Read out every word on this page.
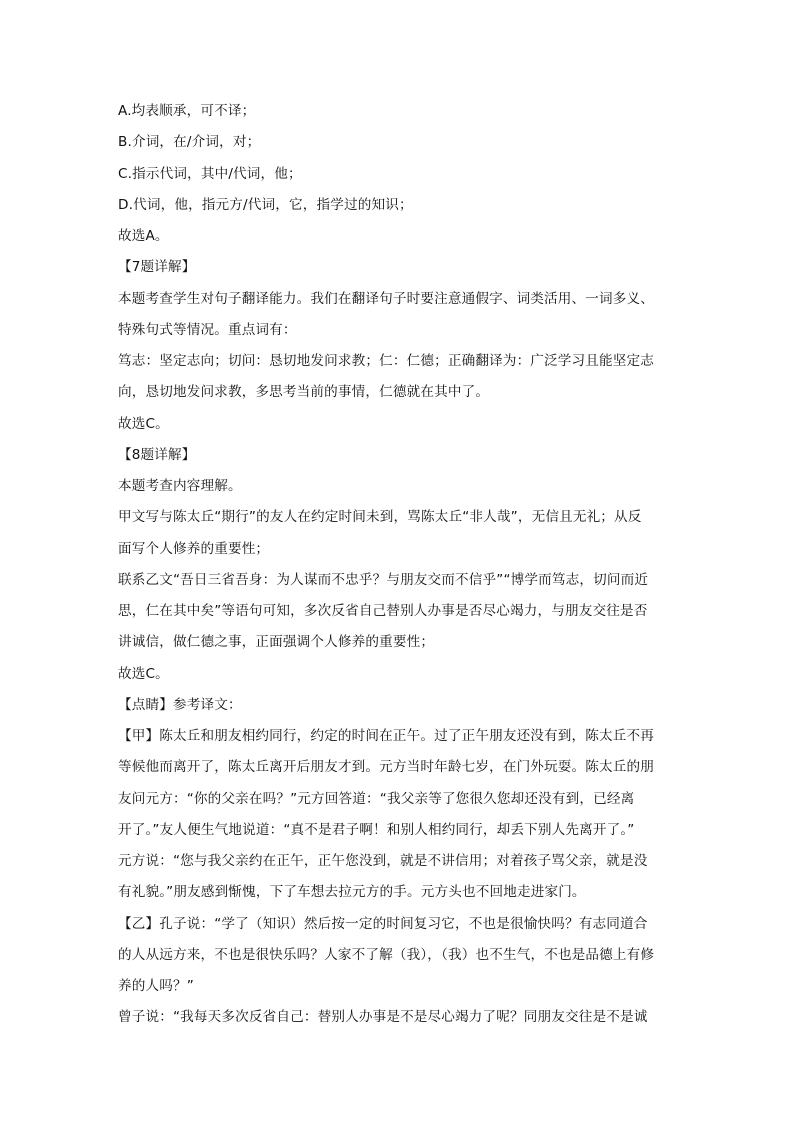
A.均表顺承，可不译；
B.介词，在/介词，对；
C.指示代词，其中/代词，他；
D.代词，他，指元方/代词，它，指学过的知识；
故选A。
【7题详解】
本题考查学生对句子翻译能力。我们在翻译句子时要注意通假字、词类活用、一词多义、
特殊句式等情况。重点词有：
笃志：坚定志向；切问：恳切地发问求教；仁：仁德；正确翻译为：广泛学习且能坚定志
向，恳切地发问求教，多思考当前的事情，仁德就在其中了。
故选C。
【8题详解】
本题考查内容理解。
甲文写与陈太丘“期行”的友人在约定时间未到，骂陈太丘“非人哉”，无信且无礼；从反
面写个人修养的重要性；
联系乙文“吾日三省吾身：为人谋而不忠乎？与朋友交而不信乎”“博学而笃志，切问而近
思，仁在其中矣”等语句可知，多次反省自己替别人办事是否尽心竭力，与朋友交往是否
讲诚信，做仁德之事，正面强调个人修养的重要性；
故选C。
【点睛】参考译文：
【甲】陈太丘和朋友相约同行，约定的时间在正午。过了正午朋友还没有到，陈太丘不再
等候他而离开了，陈太丘离开后朋友才到。元方当时年龄七岁，在门外玩耍。陈太丘的朋
友问元方：“你的父亲在吗？”元方回答道：“我父亲等了您很久您却还没有到，已经离
开了。”友人便生气地说道：“真不是君子啊！和别人相约同行，却丢下别人先离开了。”
元方说：“您与我父亲约在正午，正午您没到，就是不讲信用；对着孩子骂父亲，就是没
有礼貌。”朋友感到惭愧，下了车想去拉元方的手。元方头也不回地走进家门。
【乙】孔子说：“学了（知识）然后按一定的时间复习它，不也是很愉快吗？有志同道合
的人从远方来，不也是很快乐吗？人家不了解（我），（我）也不生气，不也是品德上有修
养的人吗？”
曾子说：“我每天多次反省自己：替别人办事是不是尽心竭力了呢？同朋友交往是不是诚
